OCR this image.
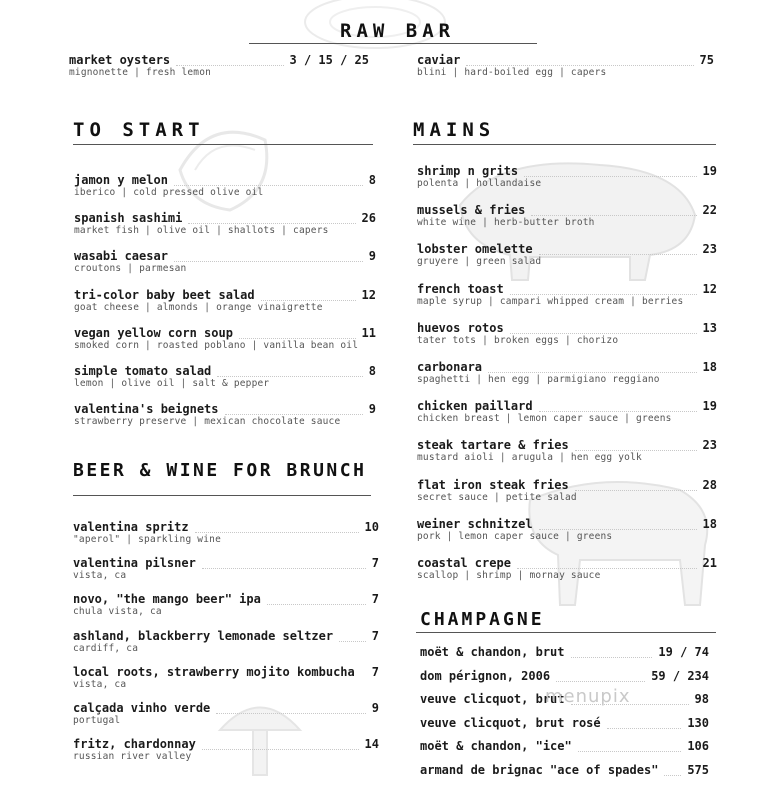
RAW BAR
market oysters	3 / 15 / 25
mignonette | fresh lemon
caviar	75
blini | hard-boiled egg | capers
TO START
jamon y melon	8
iberico | cold pressed olive oil
spanish sashimi	26
market fish | olive oil | shallots | capers
wasabi caesar	9
croutons | parmesan
tri-color baby beet salad	12
goat cheese | almonds | orange vinaigrette
vegan yellow corn soup	11
smoked corn | roasted poblano | vanilla bean oil
simple tomato salad	8
lemon | olive oil | salt & pepper
valentina's beignets	9
strawberry preserve | mexican chocolate sauce
BEER & WINE FOR BRUNCH
valentina spritz	10
"aperol" | sparkling wine
valentina pilsner	7
vista, ca
novo, "the mango beer" ipa	7
chula vista, ca
ashland, blackberry lemonade seltzer	7
cardiff, ca
local roots, strawberry mojito kombucha 7
vista, ca
calçada vinho verde	9
portugal
fritz, chardonnay	14
russian river valley
MAINS
shrimp n grits	19
polenta | hollandaise
mussels & fries	22
white wine | herb-butter broth
lobster omelette	23
gruyere | green salad
french toast	12
maple syrup | campari whipped cream | berries
huevos rotos	13
tater tots | broken eggs | chorizo
carbonara	18
spaghetti | hen egg | parmigiano reggiano
chicken paillard	19
chicken breast | lemon caper sauce | greens
steak tartare & fries	23
mustard aioli | arugula | hen egg yolk
flat iron steak fries	28
secret sauce | petite salad
weiner schnitzel	18
pork | lemon caper sauce | greens
coastal crepe	21
scallop | shrimp | mornay sauce
CHAMPAGNE
moët & chandon, brut	19 / 74
dom pérignon, 2006	59 / 234
veuve clicquot, brut	98
veuve clicquot, brut rosé	130
moët & chandon, "ice"	106
armand de brignac "ace of spades" 575
menupix
